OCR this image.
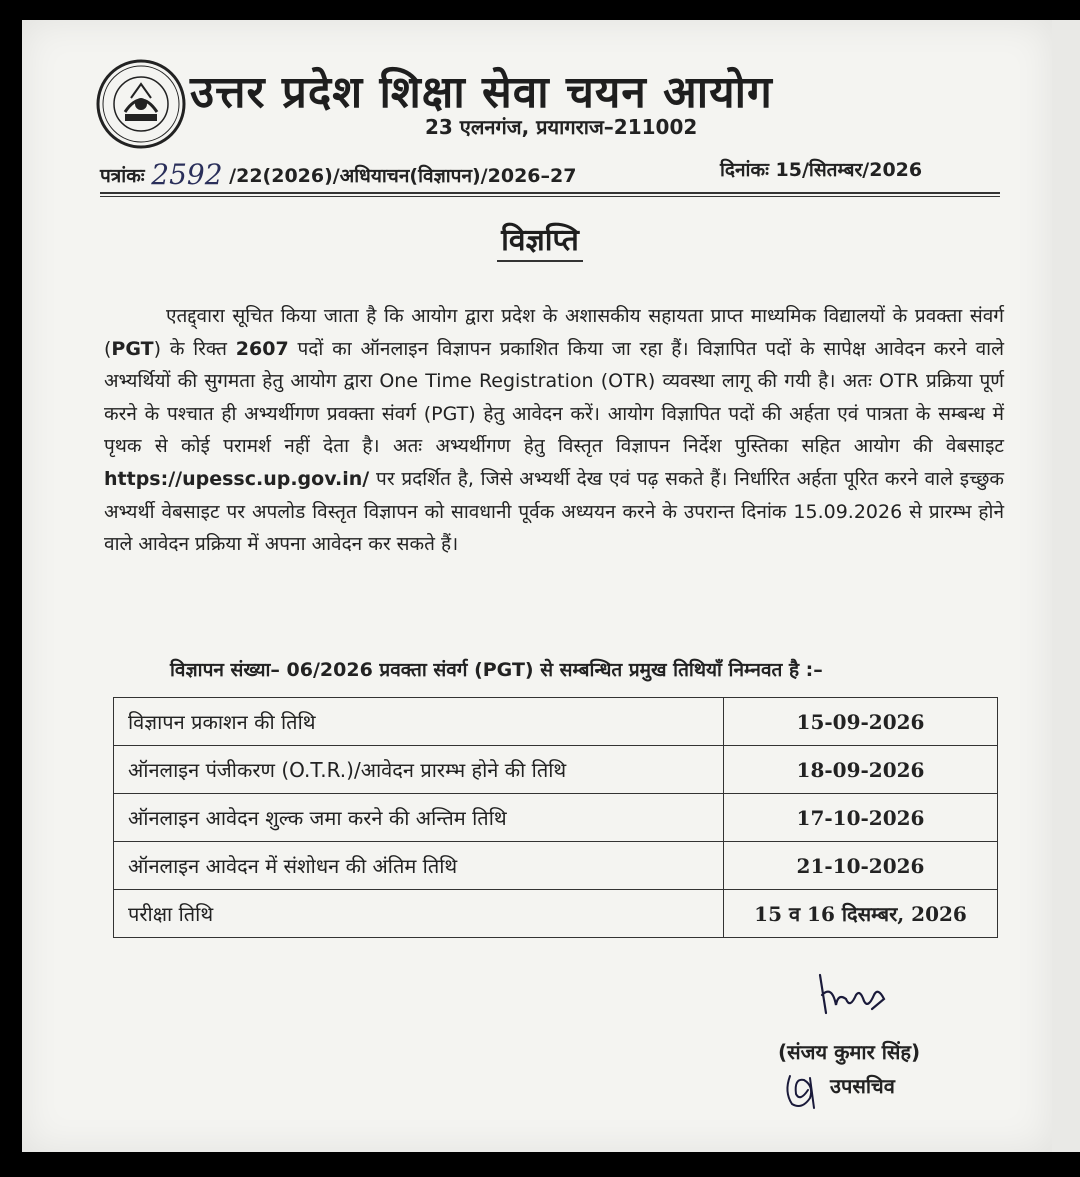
उत्तर प्रदेश शिक्षा सेवा चयन आयोग
23 एलनगंज, प्रयागराज–211002
पत्रांकः 2592 /22(2026)/अधियाचन(विज्ञापन)/2026–27	दिनांकः 15/सितम्बर/2026
विज्ञप्ति
एतद्द्वारा सूचित किया जाता है कि आयोग द्वारा प्रदेश के अशासकीय सहायता प्राप्त माध्यमिक विद्यालयों के प्रवक्ता संवर्ग (PGT) के रिक्त 2607 पदों का ऑनलाइन विज्ञापन प्रकाशित किया जा रहा हैं। विज्ञापित पदों के सापेक्ष आवेदन करने वाले अभ्यर्थियों की सुगमता हेतु आयोग द्वारा One Time Registration (OTR) व्यवस्था लागू की गयी है। अतः OTR प्रक्रिया पूर्ण करने के पश्चात ही अभ्यर्थीगण प्रवक्ता संवर्ग (PGT) हेतु आवेदन करें। आयोग विज्ञापित पदों की अर्हता एवं पात्रता के सम्बन्ध में पृथक से कोई परामर्श नहीं देता है। अतः अभ्यर्थीगण हेतु विस्तृत विज्ञापन निर्देश पुस्तिका सहित आयोग की वेबसाइट https://upessc.up.gov.in/ पर प्रदर्शित है, जिसे अभ्यर्थी देख एवं पढ़ सकते हैं। निर्धारित अर्हता पूरित करने वाले इच्छुक अभ्यर्थी वेबसाइट पर अपलोड विस्तृत विज्ञापन को सावधानी पूर्वक अध्ययन करने के उपरान्त दिनांक 15.09.2026 से प्रारम्भ होने वाले आवेदन प्रक्रिया में अपना आवेदन कर सकते हैं।
विज्ञापन संख्या– 06/2026 प्रवक्ता संवर्ग (PGT) से सम्बन्धित प्रमुख तिथियाँ निम्नवत है :–
विज्ञापन प्रकाशन की तिथि	15-09-2026
ऑनलाइन पंजीकरण (O.T.R.)/आवेदन प्रारम्भ होने की तिथि	18-09-2026
ऑनलाइन आवेदन शुल्क जमा करने की अन्तिम तिथि	17-10-2026
ऑनलाइन आवेदन में संशोधन की अंतिम तिथि	21-10-2026
परीक्षा तिथि	15 व 16 दिसम्बर, 2026
(संजय कुमार सिंह)
उपसचिव
